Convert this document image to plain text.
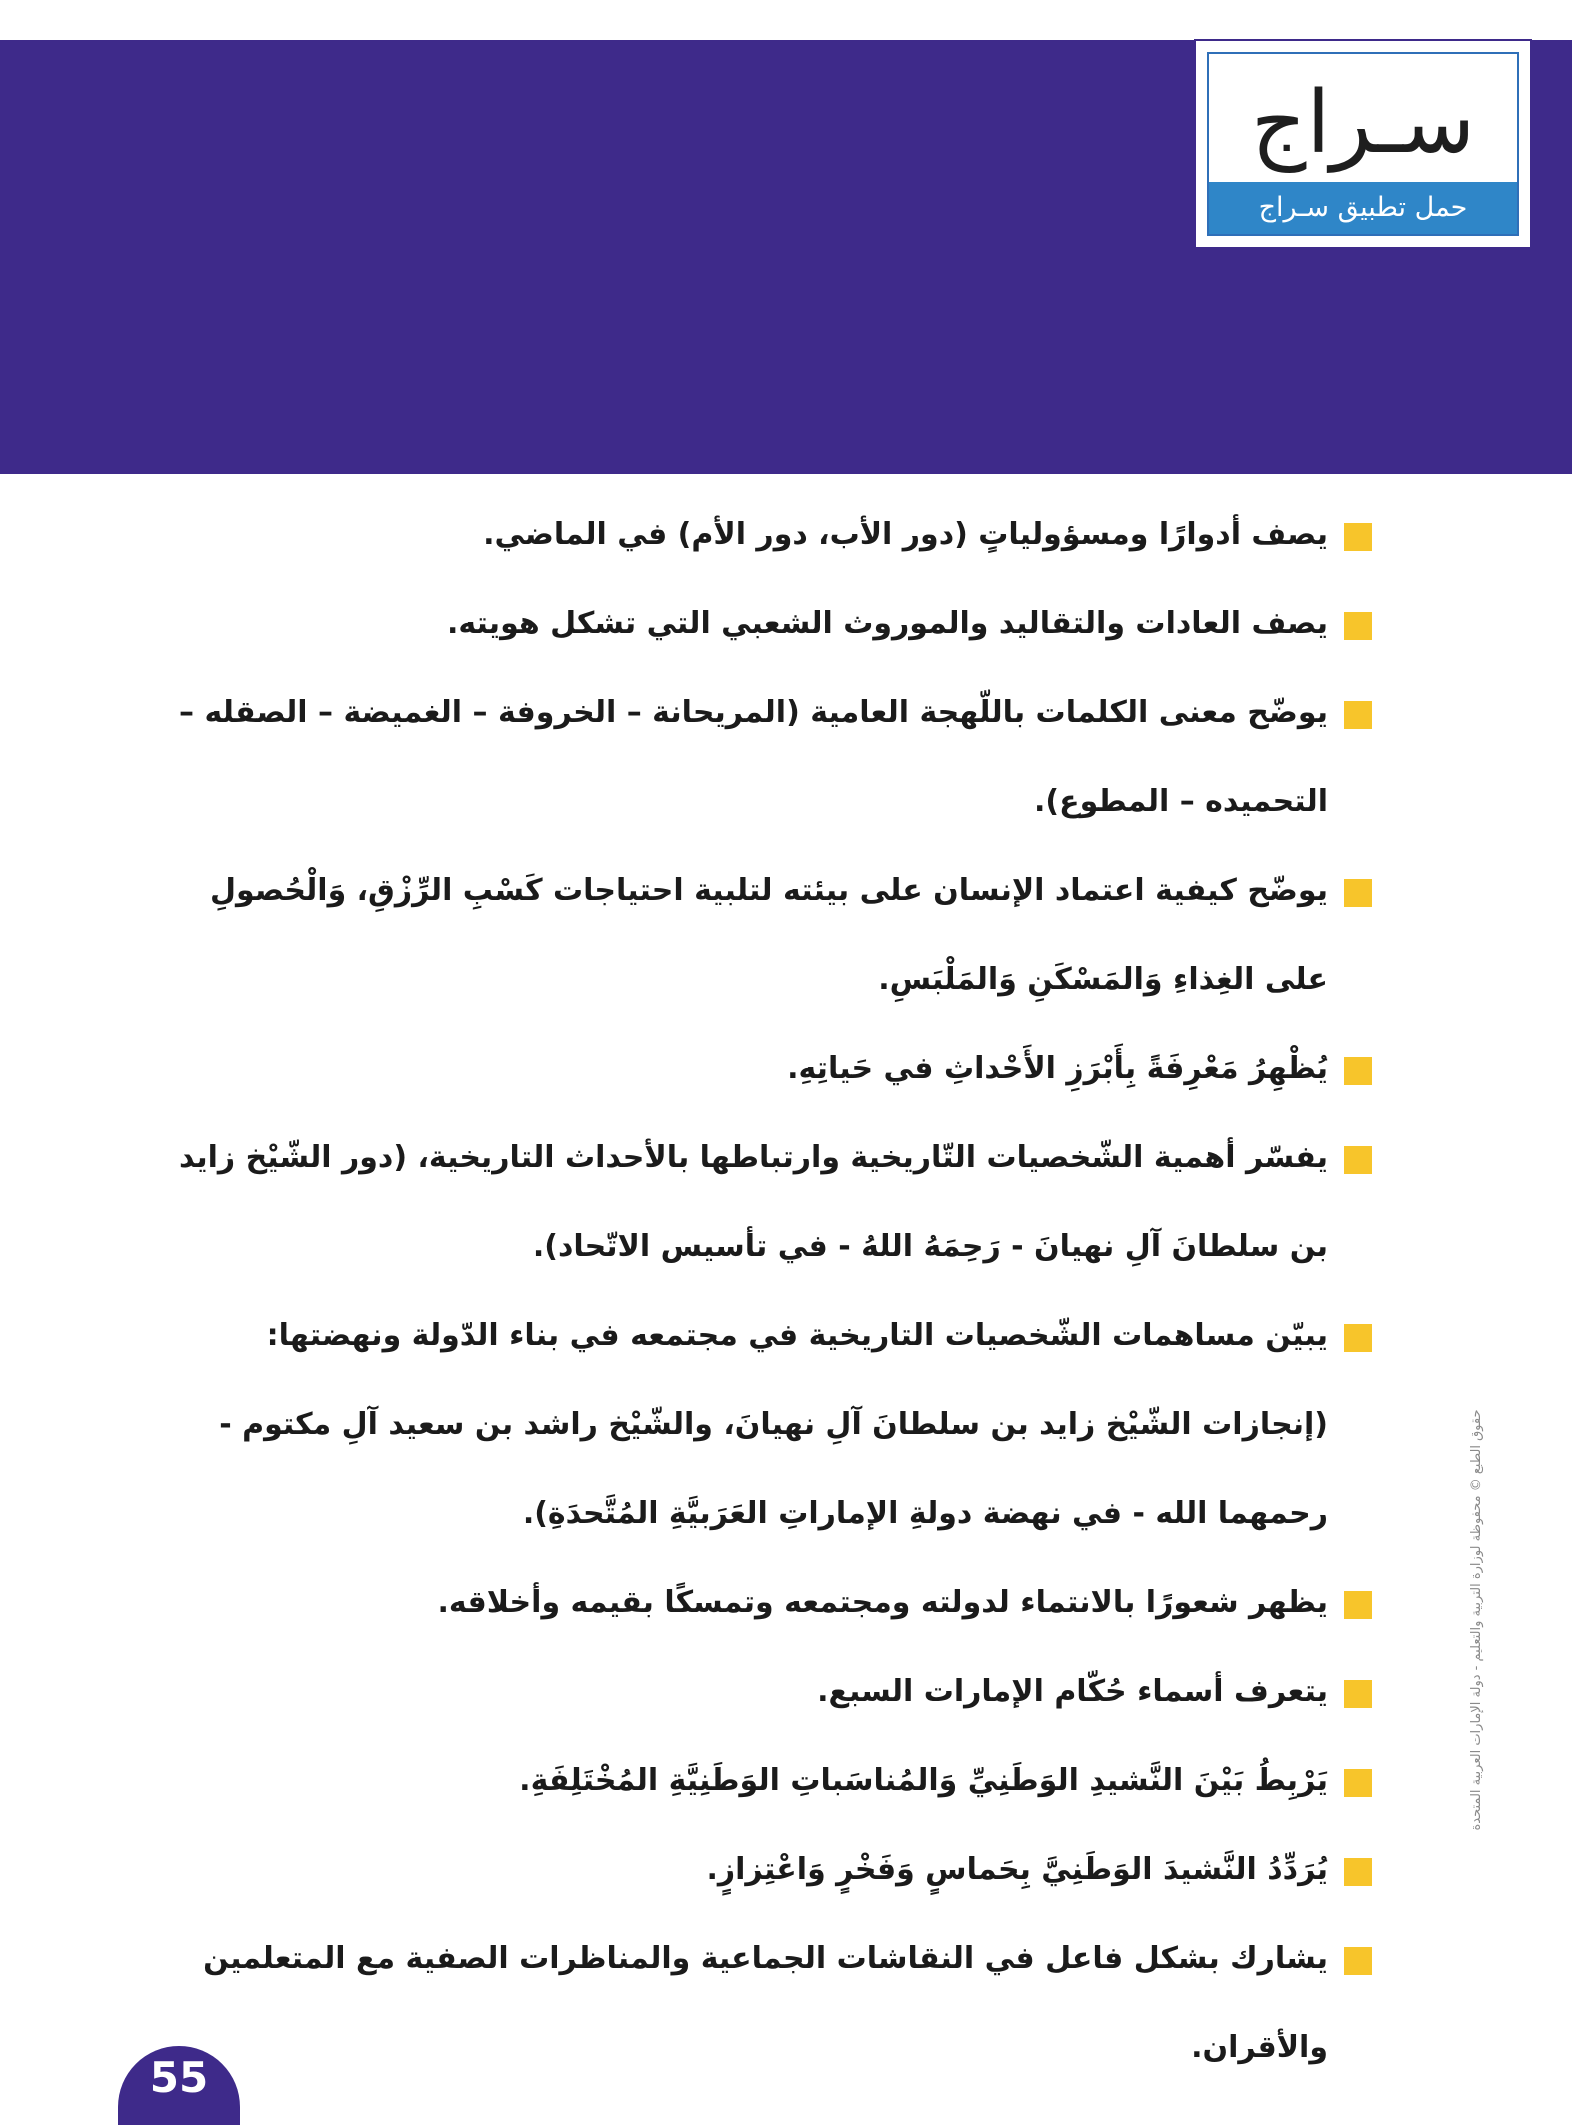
سـراج
حمل تطبيق سـراج
يصف أدوارًا ومسؤولياتٍ (دور الأب، دور الأم) في الماضي.
يصف العادات والتقاليد والموروث الشعبي التي تشكل هويته.
يوضّح معنى الكلمات باللّهجة العامية (المريحانة – الخروفة – الغميضة – الصقله – التحميده – المطوع).
يوضّح كيفية اعتماد الإنسان على بيئته لتلبية احتياجات كَسْبِ الرِّزْقِ، وَالْحُصولِ على الغِذاءِ وَالمَسْكَنِ وَالمَلْبَسِ.
يُظْهِرُ مَعْرِفَةً بِأَبْرَزِ الأَحْداثِ في حَياتِهِ.
يفسّر أهمية الشّخصيات التّاريخية وارتباطها بالأحداث التاريخية، (دور الشّيْخ زايد بن سلطانَ آلِ نهيانَ - رَحِمَهُ اللهُ - في تأسيس الاتّحاد).
يبيّن مساهمات الشّخصيات التاريخية في مجتمعه في بناء الدّولة ونهضتها: (إنجازات الشّيْخ زايد بن سلطانَ آلِ نهيانَ، والشّيْخ راشد بن سعيد آلِ مكتوم - رحمهما الله - في نهضة دولةِ الإماراتِ العَرَبيَّةِ المُتَّحدَةِ).
يظهر شعورًا بالانتماء لدولته ومجتمعه وتمسكًا بقيمه وأخلاقه.
يتعرف أسماء حُكّام الإمارات السبع.
يَرْبِطُ بَيْنَ النَّشيدِ الوَطَنِيِّ وَالمُناسَباتِ الوَطَنِيَّةِ المُخْتَلِفَةِ.
يُرَدِّدُ النَّشيدَ الوَطَنِيَّ بِحَماسٍ وَفَخْرٍ وَاعْتِزازٍ.
يشارك بشكل فاعل في النقاشات الجماعية والمناظرات الصفية مع المتعلمين والأقران.
حقوق الطبع © محفوظة لوزارة التربية والتعليم - دولة الإمارات العربية المتحدة
55
